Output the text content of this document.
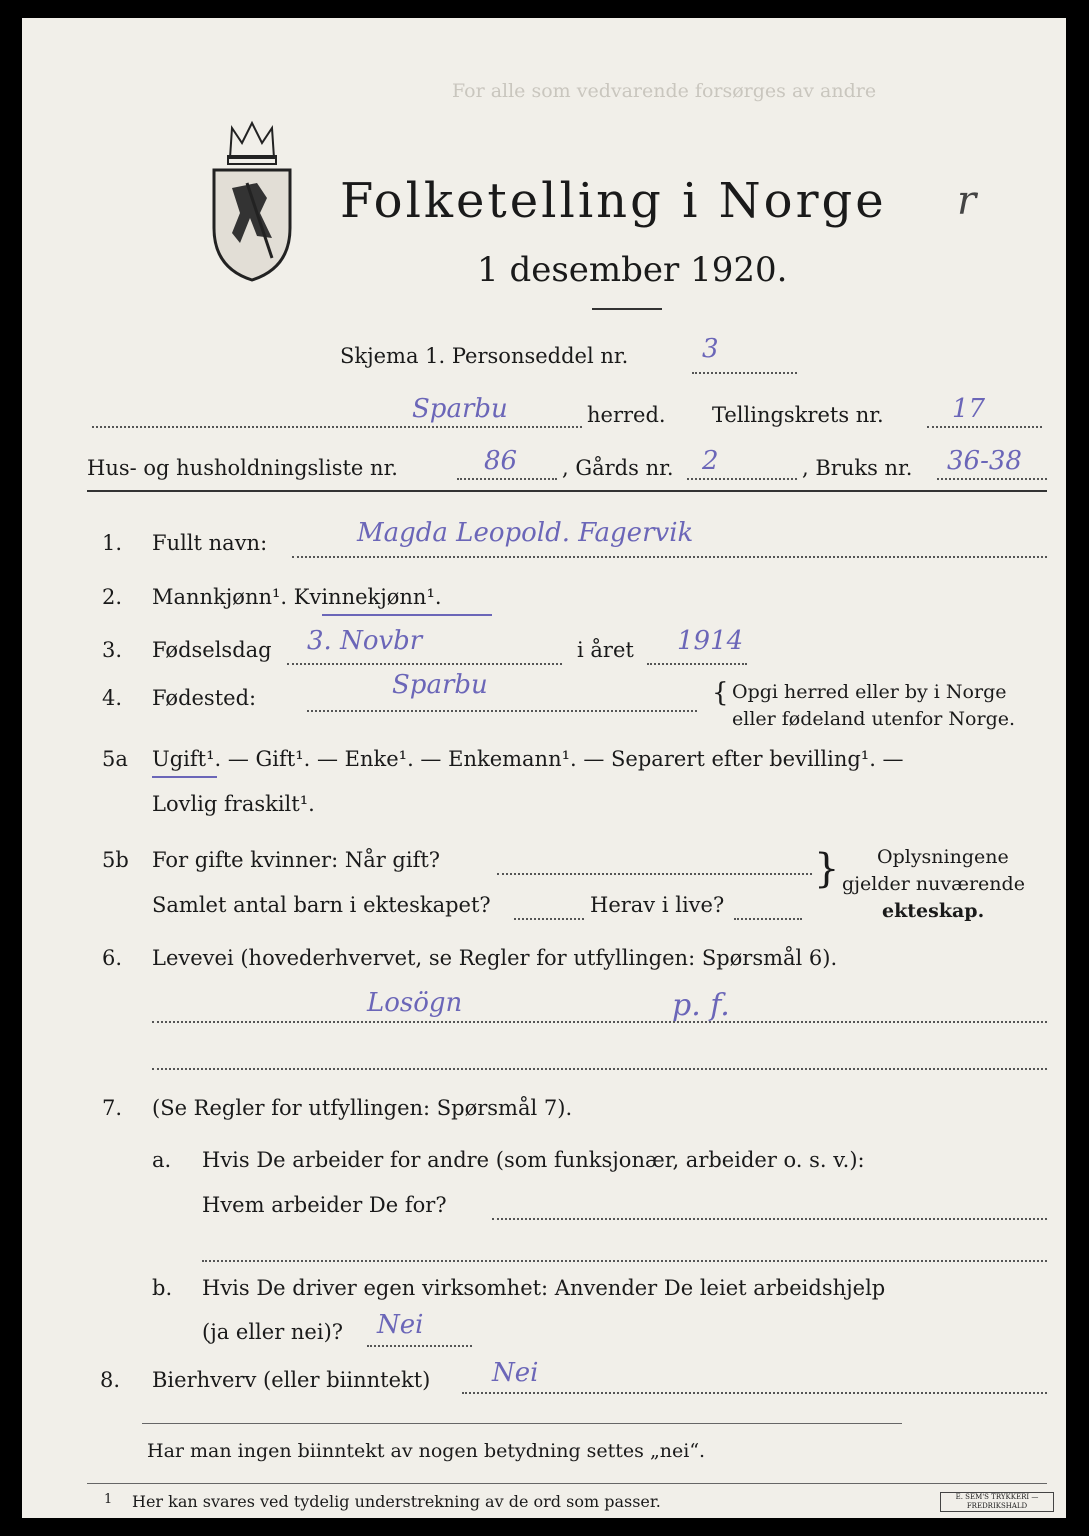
For alle som vedvarende forsørges av andre
Folketelling i Norge r
1 desember 1920.
Skjema 1. Personseddel nr.	3
Sparbu	herred. Tellingskrets nr.	17
Hus- og husholdningsliste nr.	86 , Gårds nr. 2	, Bruks nr. 36-38
1. Fullt navn:	Magda Leopold. Fagervik
2. Mannkjønn¹. Kvinnekjønn¹.
3. Fødselsdag 3. Novbr	i året 1914
4. Fødested:	Sparbu	{ Opgi herred eller by i Norge
eller fødeland utenfor Norge.
5a Ugift¹. — Gift¹. — Enke¹. — Enkemann¹. — Separert efter bevilling¹. —
Lovlig fraskilt¹.
5b For gifte kvinner: Når gift?
Samlet antal barn i ekteskapet?	Herav i live?
} Oplysningene
gjelder nuværende
ekteskap.
6. Levevei (hovederhvervet, se Regler for utfyllingen: Spørsmål 6).
Losögn	p. f.
7. (Se Regler for utfyllingen: Spørsmål 7).
a. Hvis De arbeider for andre (som funksjonær, arbeider o. s. v.):
Hvem arbeider De for?
b. Hvis De driver egen virksomhet: Anvender De leiet arbeidshjelp
(ja eller nei)? Nei
8. Bierhverv (eller biinntekt) Nei
Har man ingen biinntekt av nogen betydning settes „nei“.
1 Her kan svares ved tydelig understrekning av de ord som passer.	E. SEM'S TRYKKERI — FREDRIKSHALD
